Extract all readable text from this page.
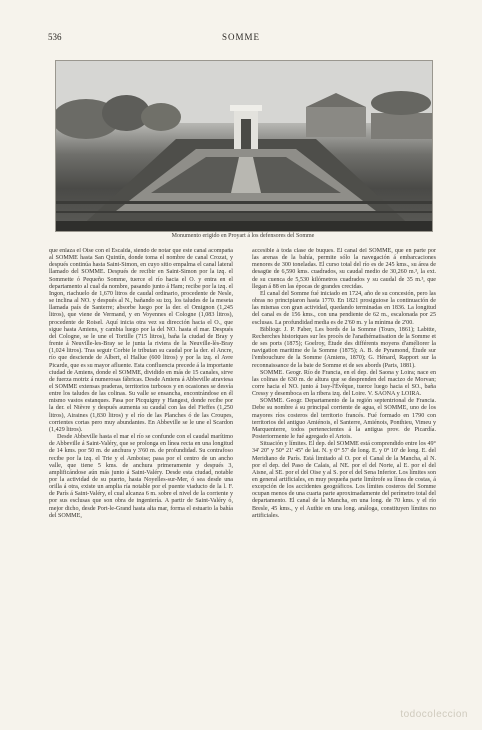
536	SOMME
Monumento erigido en Proyart á los defensores del Somme

que enlaza el Oise con el Escalda, siendo de notar que este canal acompaña al SOMME hasta San Quintín, donde toma el nombre de canal Crozat, y después continúa hasta Saint-Simon, en cuyo sitio empalma el canal lateral llamado del SOMME. Después de recibir en Saint-Simon por la izq. el Sommette ó Pequeño Somme, tuerce el río hacia el O. y entra en el departamento al cual da nombre, pasando junto á Ham; recibe por la izq. el Ingon, riachuelo de 1,670 litros de caudal ordinario, procedente de Nesle, se inclina al NO. y después al N., bañando su izq. los taludes de la meseta llamada país de Santerre; absorbe luego por la der. el Omignon (1,245 litros), que viene de Vermand, y en Voyennes el Cologne (1,083 litros), procedente de Roisel. Aquí inicia otra vez su dirección hacia el O., que sigue hasta Amiens, y cambia luego por la del NO. hasta el mar. Después del Cologne, se le une el Tortille (715 litros), baña la ciudad de Bray y frente á Neuville-les-Bray se le junta la riviera de la Neuville-lès-Bray (1,024 litros). Tras seguir Corbie le tributan su caudal por la der. el Ancre, río que desciende de Albert, el Hallue (600 litros) y por la izq. el Avre Picarde, que es su mayor afluente. Esta confluencia precede á la importante ciudad de Amiens, donde el SOMME, dividido en más de 15 canales, sirve de fuerza motriz á numerosas fábricas. Desde Amiens á Abbeville atraviesa el SOMME extensas praderas, territorios turbosos y en ocasiones se desvía entre los taludes de las colinas. Su valle se ensancha, encontrándose en él mismo vastos estanques. Pasa por Picquigny y Hangest, donde recibe por la der. el Nièvre y después aumenta su caudal con las del Fieffes (1,250 litros), Airaines (1,830 litros) y el río de las Planches ó de las Croupes, corrientes cortas pero muy abundantes. En Abbeville se le une el Scardon (1,429 litros).

Desde Abbeville hasta el mar el río se confunde con el caudal marítimo de Abbeville á Saint-Valéry, que se prolonga en línea recta en una longitud de 14 kms. por 50 m. de anchura y 3'60 m. de profundidad. Su contrafoso recibe por la izq. el Trie y el Amboise; pasa por el centro de un ancho valle, que tiene 5 kms. de anchura primeramente y después 3, amplificándose aún más junto á Saint-Valéry. Desde esta ciudad, notable por la actividad de su puerto, hasta Noyelles-sur-Mer, ó sea desde una orilla á otra, existe un amplia ría notable por el puente viaducto de la l. F. de París á Saint-Valéry, el cual alcanza 6 m. sobre el nivel de la corriente y por sus esclusas que son obra de ingeniería. A partir de Saint-Valéry ó, mejor dicho, desde Port-le-Grand hasta alta mar, forma el estuario la bahía del SOMME,

accesible á toda clase de buques. El canal del SOMME, que en parte por las arenas de la bahía, permite sólo la navegación á embarcaciones menores de 300 toneladas. El curso total del río es de 245 kms., su área de desagüe de 6,590 kms. cuadrados, su caudal medio de 30,260 m.³, la ext. de su cuenca de 5,530 kilómetros cuadrados y su caudal de 35 m.³, que llegan á 88 en las épocas de grandes crecidas.

El canal del Somme fué iniciado en 1724, año de su concesión, pero las obras no principiaron hasta 1770. En 1821 prosiguiose la continuación de las mismas con gran actividad, quedando terminadas en 1836. La longitud del canal es de 156 kms., con una pendiente de 62 m., escalonada por 25 esclusas. La profundidad media es de 2'60 m. y la mínima de 2'00.

Bibliogr. J. P. Faber, Les bords de la Somme (Tours, 1861); Labitte, Recherches historiques sur les procès de l'anathématisation de la Somme et de ses ports (1875); Goelroy, Étude des différents moyens d'améliorer la navigation maritime de la Somme (1875); A. B. de Pyramond, Étude sur l'embouchure de la Somme (Amiens, 1870); G. Hénard, Rapport sur la reconnaissance de la baie de Somme et de ses abords (Paris, 1881).

SOMME. Geogr. Río de Francia, en el dep. del Saona y Loira; nace en las colinas de 630 m. de altura que se desprenden del macizo de Morvan; corre hacia el NO. junto á Issy-l'Évêque, tuerce luego hacia el SO., baña Cressy y desemboca en la ribera izq. del Loire. V. SAONA y LOIRA.

SOMME. Geogr. Departamento de la región septentrional de Francia. Debe su nombre á su principal corriente de agua, el SOMME, uno de los mayores ríos costeros del territorio francés. Fué formado en 1790 con territorios del antiguo Amiénois, el Santerre, Amiénois, Ponthieu, Vimeu y Marquenterre, todos pertenecientes á la antigua prov. de Picardía. Posteriormente le fué agregado el Artois.

Situación y límites. El dep. del SOMME está comprendido entre los 49° 34' 20'' y 50° 21' 45'' de lat. N. y 0° 57' de long. E. y 0° 10' de long. E. del Meridiano de París. Está limitado al O. por el Canal de la Mancha, al N. por el dep. del Paso de Calais, al NE. por el del Norte, al E. por el del Aisne, al SE. por el del Oise y al S. por el del Sena Inferior. Los límites son en general artificiales, en muy pequeña parte limítrofe su línea de costas, á excepción de los accidentes geográficos. Los límites costeros del Somme ocupan menos de una cuarta parte aproximadamente del perímetro total del departamento. El canal de la Mancha, en una long. de 70 kms. y el río Bresle, 45 kms., y el Authie en una long. análoga, constituyen límites no artificiales.

todocoleccion
